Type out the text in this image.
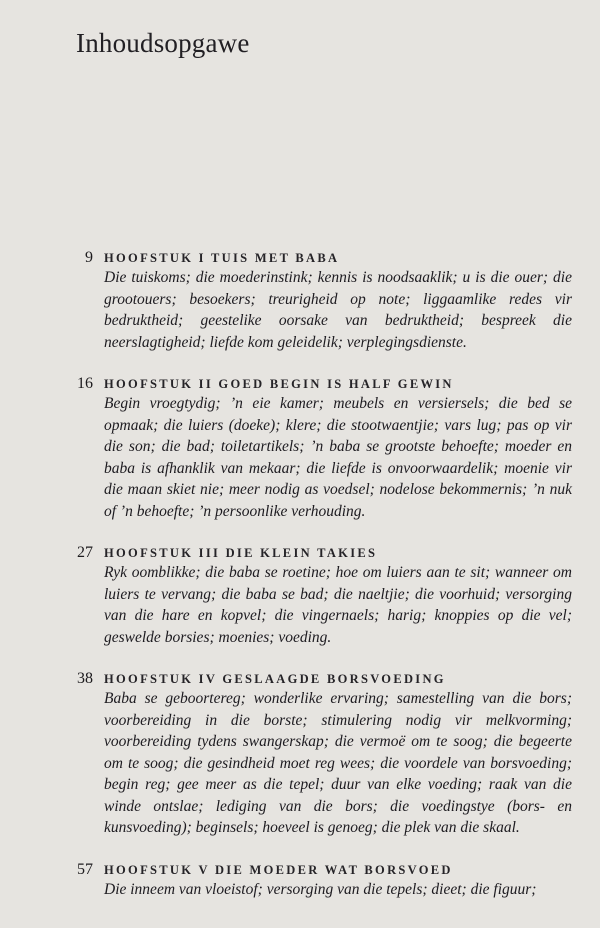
Inhoudsopgawe
9 HOOFSTUK I TUIS MET BABA
Die tuiskoms; die moederinstink; kennis is noodsaaklik; u is die ouer; die grootouers; besoekers; treurigheid op note; liggaamlike redes vir bedruktheid; geestelike oorsake van bedruktheid; bespreek die neerslagtigheid; liefde kom geleidelik; verplegingsdienste.
16 HOOFSTUK II GOED BEGIN IS HALF GEWIN
Begin vroegtydig; ’n eie kamer; meubels en versiersels; die bed se opmaak; die luiers (doeke); klere; die stootwaentjie; vars lug; pas op vir die son; die bad; toiletartikels; ’n baba se grootste behoefte; moeder en baba is afhanklik van mekaar; die liefde is onvoorwaardelik; moenie vir die maan skiet nie; meer nodig as voedsel; nodelose bekommernis; ’n nuk of ’n behoefte; ’n persoonlike verhouding.
27 HOOFSTUK III DIE KLEIN TAKIES
Ryk oomblikke; die baba se roetine; hoe om luiers aan te sit; wanneer om luiers te vervang; die baba se bad; die naeltjie; die voorhuid; versorging van die hare en kopvel; die vingernaels; harig; knoppies op die vel; geswelde borsies; moenies; voeding.
38 HOOFSTUK IV GESLAAGDE BORSVOEDING
Baba se geboortereg; wonderlike ervaring; samestelling van die bors; voorbereiding in die borste; stimulering nodig vir melkvorming; voorbereiding tydens swangerskap; die vermoë om te soog; die begeerte om te soog; die gesindheid moet reg wees; die voordele van borsvoeding; begin reg; gee meer as die tepel; duur van elke voeding; raak van die winde ontslae; lediging van die bors; die voedingstye (bors- en kunsvoeding); beginsels; hoeveel is genoeg; die plek van die skaal.
57 HOOFSTUK V DIE MOEDER WAT BORSVOED
Die inneem van vloeistof; versorging van die tepels; dieet; die figuur;
